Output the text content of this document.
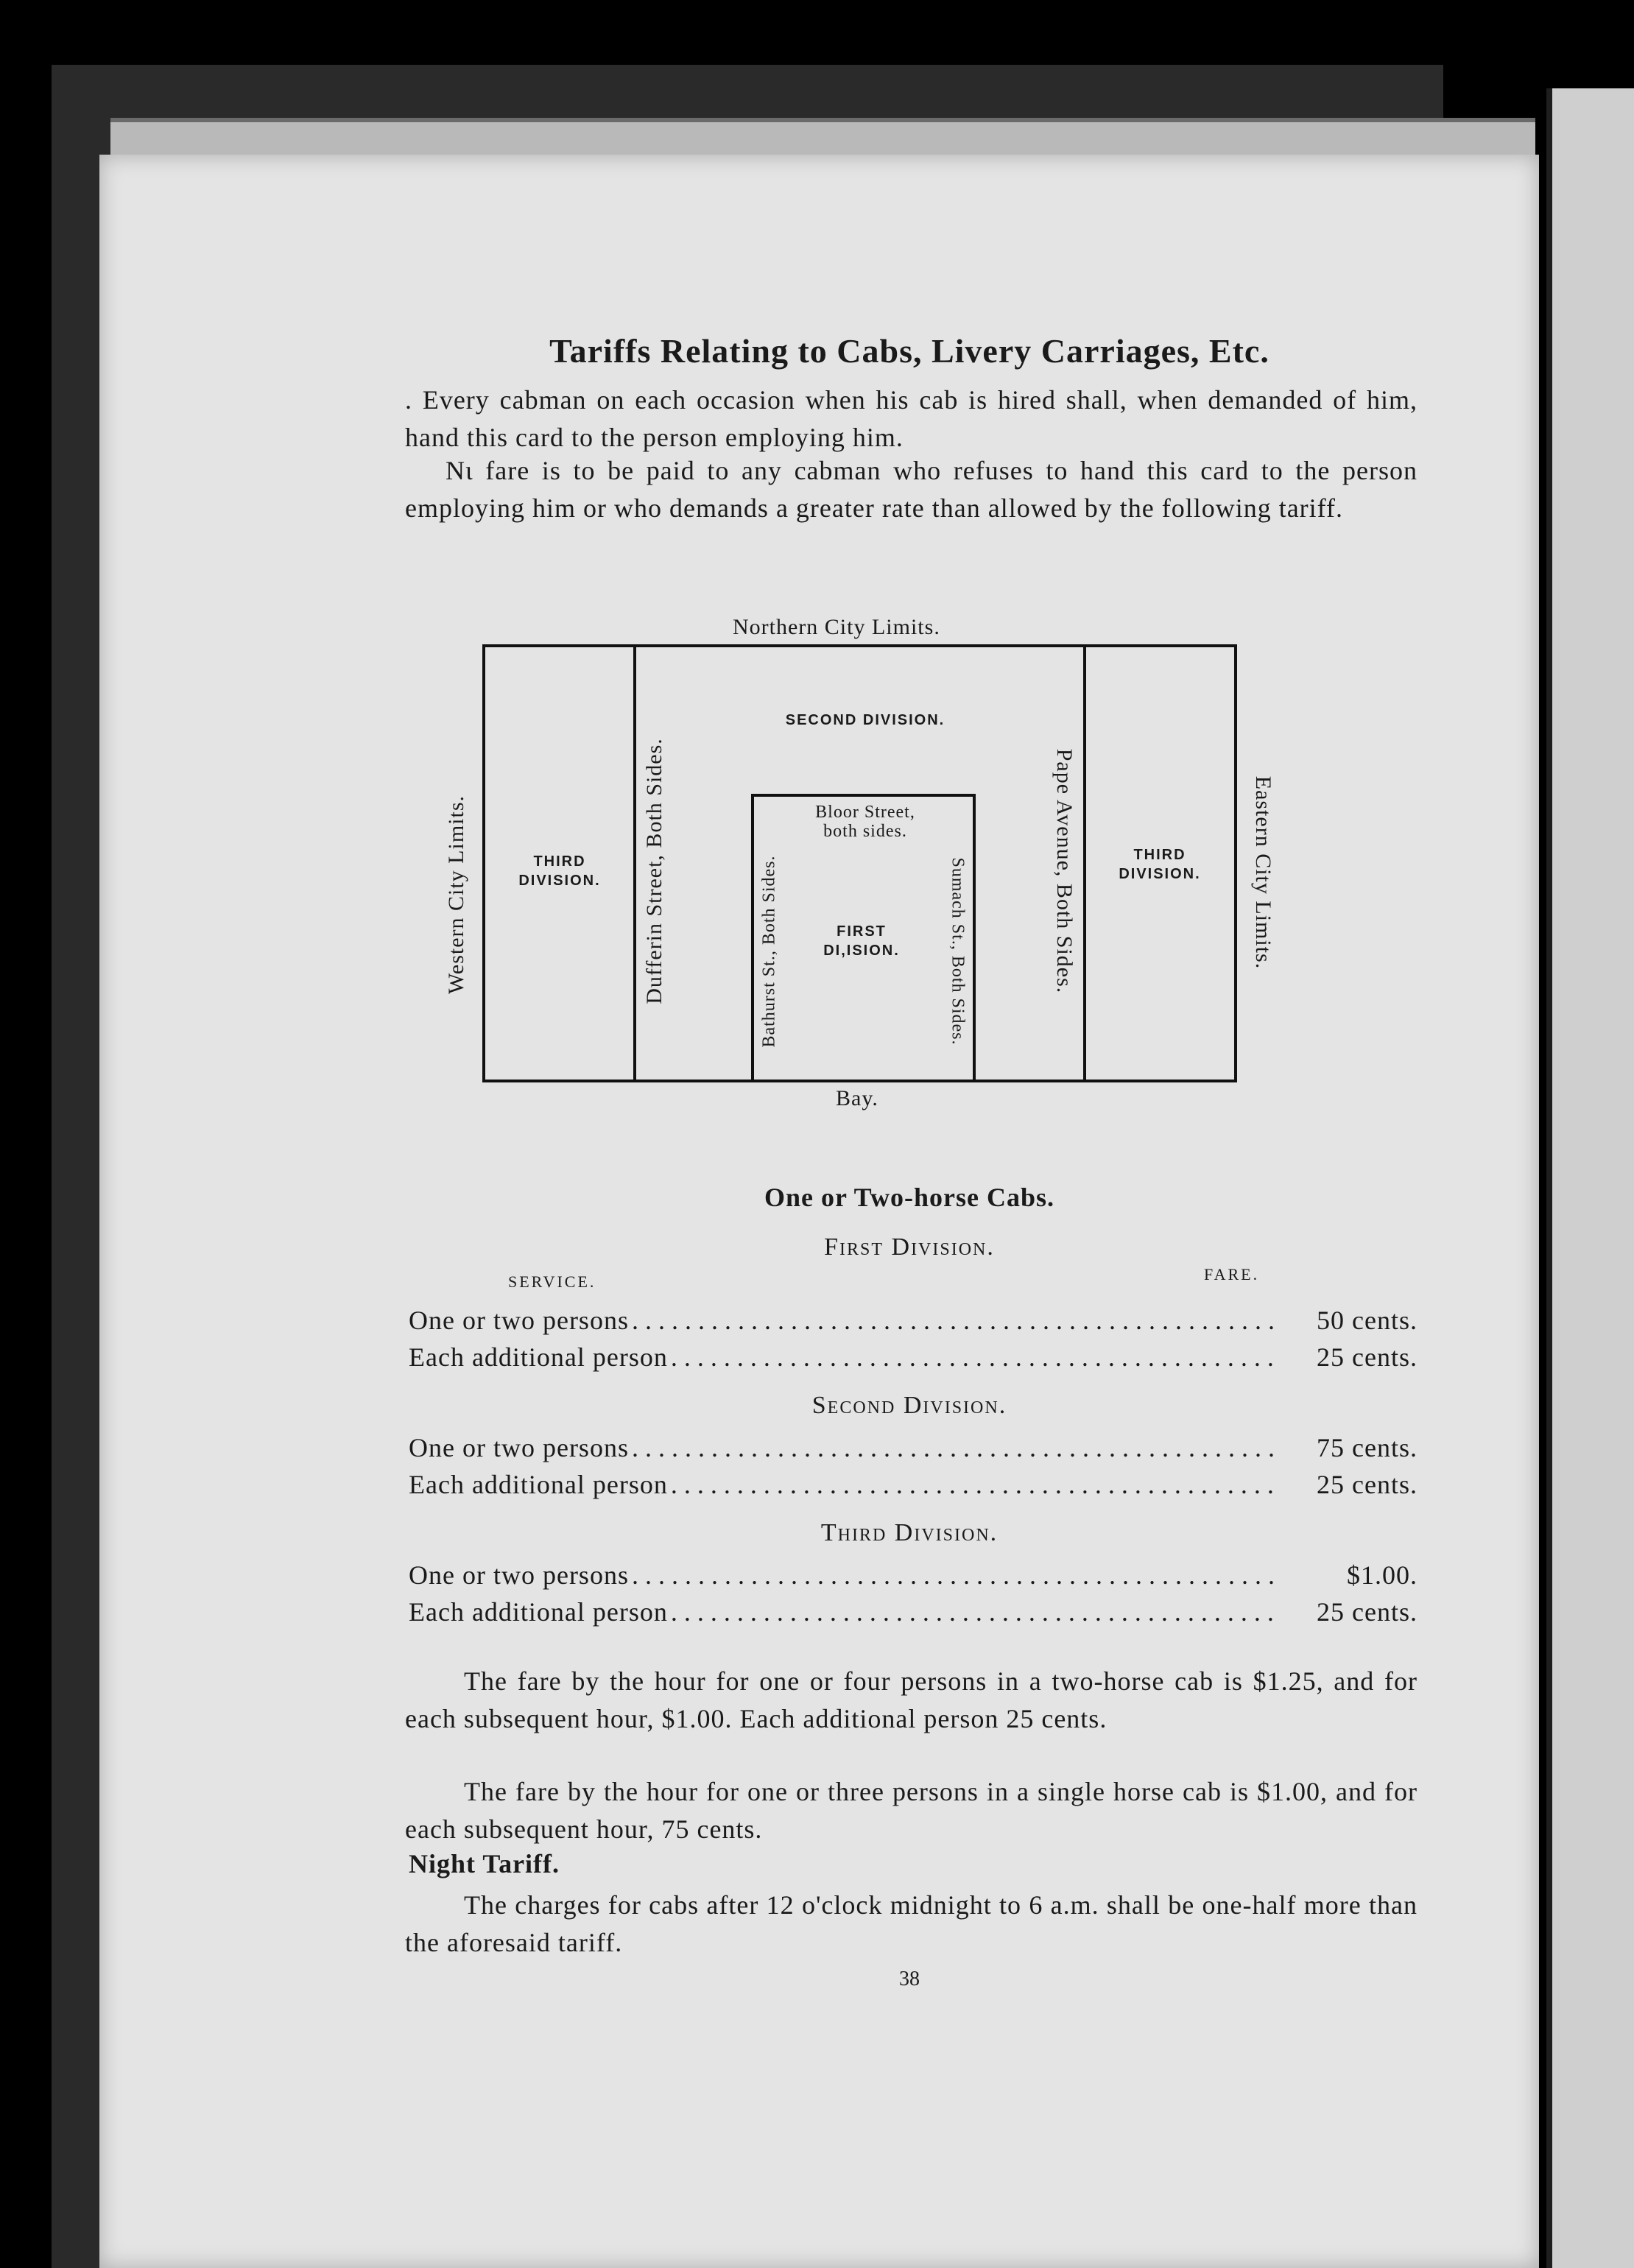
Tariffs Relating to Cabs, Livery Carriages, Etc.
. Every cabman on each occasion when his cab is hired shall, when demanded of him, hand this card to the person employing him.
Nɩ fare is to be paid to any cabman who refuses to hand this card to the person employing him or who demands a greater rate than allowed by the following tariff.
Northern City Limits.
Bay.
Western City Limits.	Eastern City Limits.
Dufferin Street, Both Sides.	Pape Avenue, Both Sides.
Bathurst St., Both Sides.	Sumach St., Both Sides.
Bloor Street, both sides.
SECOND DIVISION.
THIRD DIVISION.
THIRD DIVISION.
FIRST DI,ISION.
One or Two-horse Cabs.
First Division.
SERVICE.	FARE.
One or two persons . . .	50 cents.
Each additional person . . .	25 cents.
Second Division.
One or two persons . . .	75 cents.
Each additional person . . .	25 cents.
Third Division.
One or two persons . . .	$1.00.
Each additional person . . .	25 cents.
The fare by the hour for one or four persons in a two-horse cab is $1.25, and for each subsequent hour, $1.00. Each additional person 25 cents.
The fare by the hour for one or three persons in a single horse cab is $1.00, and for each subsequent hour, 75 cents.
Night Tariff.
The charges for cabs after 12 o'clock midnight to 6 a.m. shall be one-half more than the aforesaid tariff.
38
